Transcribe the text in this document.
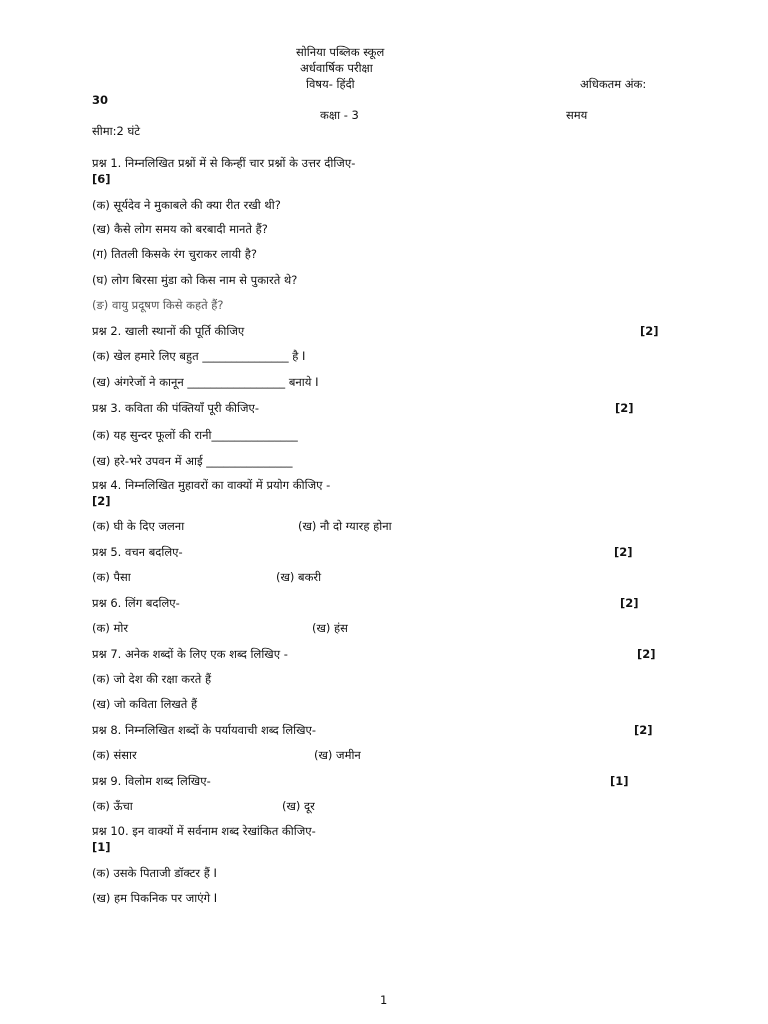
सोनिया पब्लिक स्कूल
अर्धवार्षिक परीक्षा
विषय- हिंदी	अधिकतम अंक:
30
कक्षा - 3	समय
सीमा:2 घंटे
प्रश्न 1. निम्नलिखित प्रश्नों में से किन्हीं चार प्रश्नों के उत्तर दीजिए-
[6]
(क) सूर्यदेव ने मुकाबले की क्या रीत रखी थी?
(ख) कैसे लोग समय को बरबादी मानते हैं?
(ग) तितली किसके रंग चुराकर लायी है?
(घ) लोग बिरसा मुंडा को किस नाम से पुकारते थे?
(ङ) वायु प्रदूषण किसे कहते हैं?
प्रश्न 2. खाली स्थानों की पूर्ति कीजिए	[2]
(क) खेल हमारे लिए बहुत _______________ है I
(ख) अंगरेजों ने कानून _________________ बनाये I
प्रश्न 3. कविता की पंक्तियाँ पूरी कीजिए-	[2]
(क) यह सुन्दर फूलों की रानी_______________
(ख) हरे-भरे उपवन में आई _______________
प्रश्न 4. निम्नलिखित मुहावरों का वाक्यों में प्रयोग कीजिए -
[2]
(क) घी के दिए जलना	(ख) नौ दो ग्यारह होना
प्रश्न 5. वचन बदलिए-	[2]
(क) पैसा	(ख) बकरी
प्रश्न 6. लिंग बदलिए-	[2]
(क) मोर	(ख) हंस
प्रश्न 7. अनेक शब्दों के लिए एक शब्द लिखिए -	[2]
(क) जो देश की रक्षा करते हैं
(ख) जो कविता लिखते हैं
प्रश्न 8. निम्नलिखित शब्दों के पर्यायवाची शब्द लिखिए-	[2]
(क) संसार	(ख) जमीन
प्रश्न 9. विलोम शब्द लिखिए-	[1]
(क) ऊँचा	(ख) दूर
प्रश्न 10. इन वाक्यों में सर्वनाम शब्द रेखांकित कीजिए-
[1]
(क) उसके पिताजी डॉक्टर हैं I
(ख) हम पिकनिक पर जाएंगे I
1
